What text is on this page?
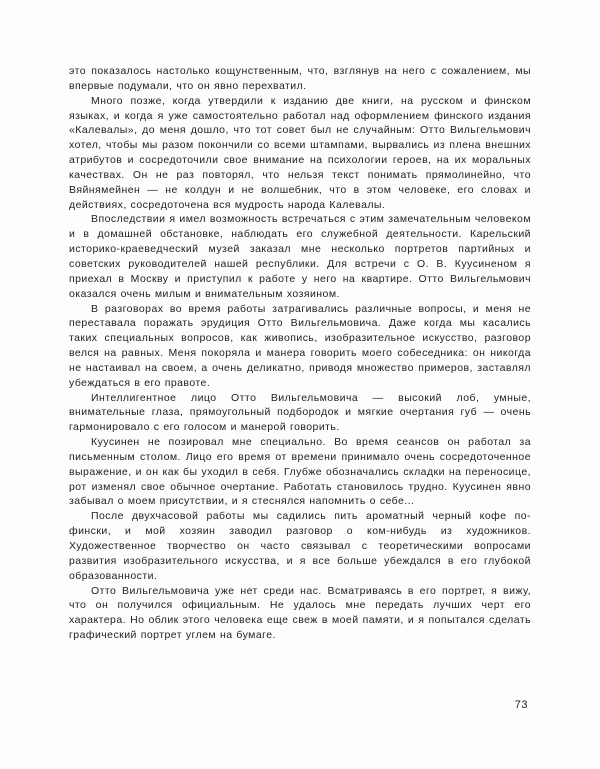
это показалось настолько кощунственным, что, взглянув на него с сожалением, мы впервые подумали, что он явно перехватил.

Много позже, когда утвердили к изданию две книги, на русском и финском языках, и когда я уже самостоятельно работал над оформлением финского издания «Калевалы», до меня дошло, что тот совет был не случайным: Отто Вильгельмович хотел, чтобы мы разом покончили со всеми штампами, вырвались из плена внешних атрибутов и сосредоточили свое внимание на психологии героев, на их моральных качествах. Он не раз повторял, что нельзя текст понимать прямолинейно, что Вяйнямейнен — не колдун и не волшебник, что в этом человеке, его словах и действиях, сосредоточена вся мудрость народа Калевалы.

Впоследствии я имел возможность встречаться с этим замечательным человеком и в домашней обстановке, наблюдать его служебной деятельности. Карельский историко-краеведческий музей заказал мне несколько портретов партийных и советских руководителей нашей республики. Для встречи с О. В. Куусиненом я приехал в Москву и приступил к работе у него на квартире. Отто Вильгельмович оказался очень милым и внимательным хозяином.

В разговорах во время работы затрагивались различные вопросы, и меня не переставала поражать эрудиция Отто Вильгельмовича. Даже когда мы касались таких специальных вопросов, как живопись, изобразительное искусство, разговор велся на равных. Меня покоряла и манера говорить моего собеседника: он никогда не настаивал на своем, а очень деликатно, приводя множество примеров, заставлял убеждаться в его правоте.

Интеллигентное лицо Отто Вильгельмовича — высокий лоб, умные, внимательные глаза, прямоугольный подбородок и мягкие очертания губ — очень гармонировало с его голосом и манерой говорить.

Куусинен не позировал мне специально. Во время сеансов он работал за письменным столом. Лицо его время от времени принимало очень сосредоточенное выражение, и он как бы уходил в себя. Глубже обозначались складки на переносице, рот изменял свое обычное очертание. Работать становилось трудно. Куусинен явно забывал о моем присутствии, и я стеснялся напомнить о себе...

После двухчасовой работы мы садились пить ароматный черный кофе по-фински, и мой хозяин заводил разговор о ком-нибудь из художников. Художественное творчество он часто связывал с теоретическими вопросами развития изобразительного искусства, и я все больше убеждался в его глубокой образованности.

Отто Вильгельмовича уже нет среди нас. Всматриваясь в его портрет, я вижу, что он получился официальным. Не удалось мне передать лучших черт его характера. Но облик этого человека еще свеж в моей памяти, и я попытался сделать графический портрет углем на бумаге.

73
